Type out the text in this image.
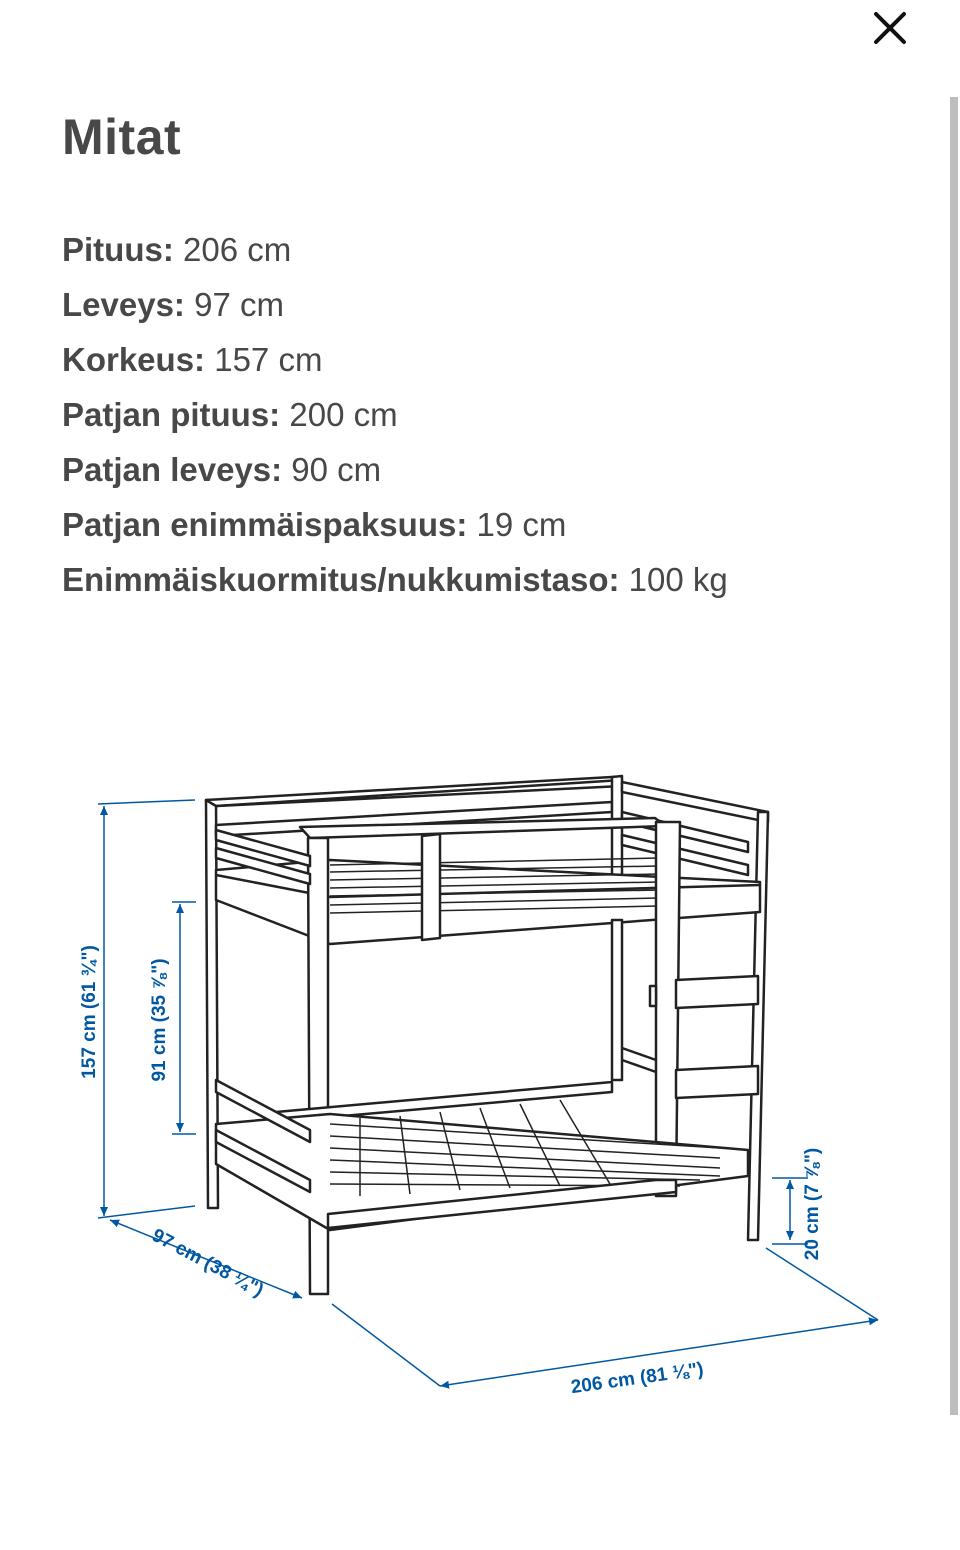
Mitat
Pituus: 206 cm
Leveys: 97 cm
Korkeus: 157 cm
Patjan pituus: 200 cm
Patjan leveys: 90 cm
Patjan enimmäispaksuus: 19 cm
Enimmäiskuormitus/nukkumistaso: 100 kg
157 cm (61 ¾")	91 cm (35 ⅞")
97 cm (38 ¼")
20 cm (7 ⅞")
206 cm (81 ⅛")
